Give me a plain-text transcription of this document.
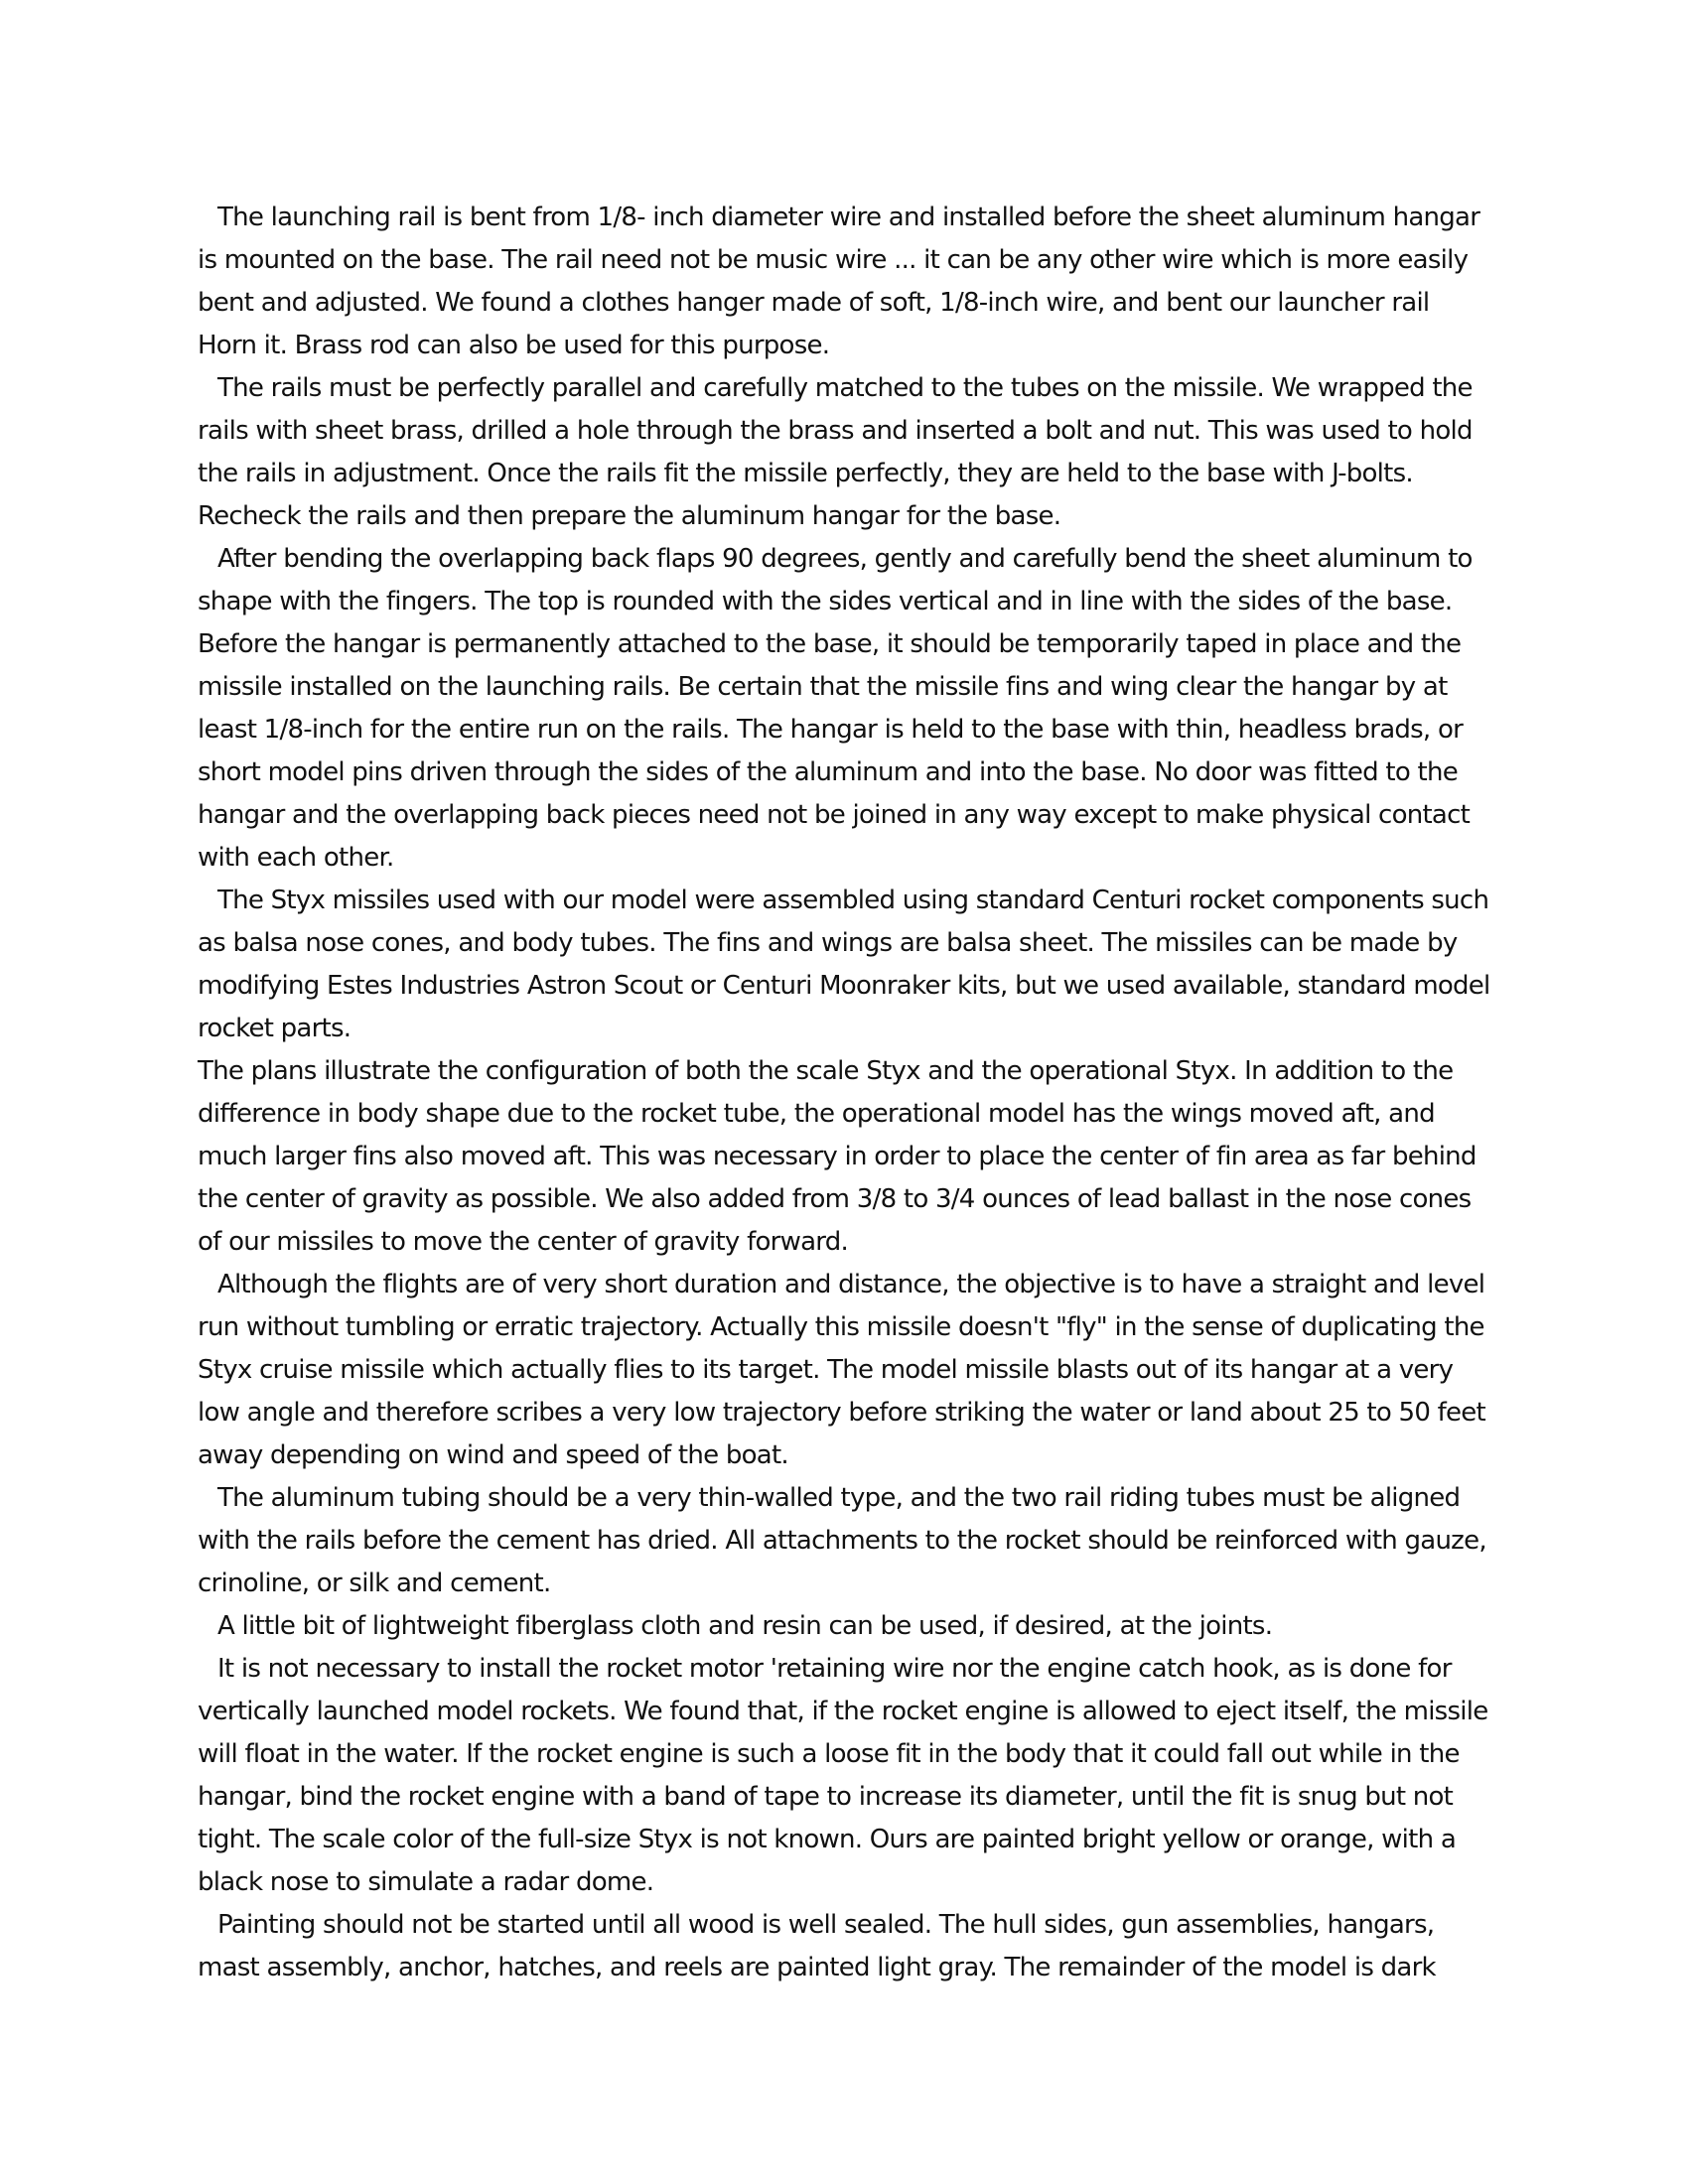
The launching rail is bent from 1/8- inch diameter wire and installed before the sheet aluminum hangar is mounted on the base. The rail need not be music wire ... it can be any other wire which is more easily bent and adjusted. We found a clothes hanger made of soft, 1/8-inch wire, and bent our launcher rail Horn it. Brass rod can also be used for this purpose.

The rails must be perfectly parallel and carefully matched to the tubes on the missile. We wrapped the rails with sheet brass, drilled a hole through the brass and inserted a bolt and nut. This was used to hold the rails in adjustment. Once the rails fit the missile perfectly, they are held to the base with J-bolts. Recheck the rails and then prepare the aluminum hangar for the base.

After bending the overlapping back flaps 90 degrees, gently and carefully bend the sheet aluminum to shape with the fingers. The top is rounded with the sides vertical and in line with the sides of the base. Before the hangar is permanently attached to the base, it should be temporarily taped in place and the missile installed on the launching rails. Be certain that the missile fins and wing clear the hangar by at least 1/8-inch for the entire run on the rails. The hangar is held to the base with thin, headless brads, or short model pins driven through the sides of the aluminum and into the base. No door was fitted to the hangar and the overlapping back pieces need not be joined in any way except to make physical contact with each other.

The Styx missiles used with our model were assembled using standard Centuri rocket components such as balsa nose cones, and body tubes. The fins and wings are balsa sheet. The missiles can be made by modifying Estes Industries Astron Scout or Centuri Moonraker kits, but we used available, standard model rocket parts.

The plans illustrate the configuration of both the scale Styx and the operational Styx. In addition to the difference in body shape due to the rocket tube, the operational model has the wings moved aft, and much larger fins also moved aft. This was necessary in order to place the center of fin area as far behind the center of gravity as possible. We also added from 3/8 to 3/4 ounces of lead ballast in the nose cones of our missiles to move the center of gravity forward.

Although the flights are of very short duration and distance, the objective is to have a straight and level run without tumbling or erratic trajectory. Actually this missile doesn't "fly" in the sense of duplicating the Styx cruise missile which actually flies to its target. The model missile blasts out of its hangar at a very low angle and therefore scribes a very low trajectory before striking the water or land about 25 to 50 feet away depending on wind and speed of the boat.

The aluminum tubing should be a very thin-walled type, and the two rail riding tubes must be aligned with the rails before the cement has dried. All attachments to the rocket should be reinforced with gauze, crinoline, or silk and cement.

A little bit of lightweight fiberglass cloth and resin can be used, if desired, at the joints.

It is not necessary to install the rocket motor 'retaining wire nor the engine catch hook, as is done for vertically launched model rockets. We found that, if the rocket engine is allowed to eject itself, the missile will float in the water. If the rocket engine is such a loose fit in the body that it could fall out while in the hangar, bind the rocket engine with a band of tape to increase its diameter, until the fit is snug but not tight. The scale color of the full-size Styx is not known. Ours are painted bright yellow or orange, with a black nose to simulate a radar dome.

Painting should not be started until all wood is well sealed. The hull sides, gun assemblies, hangars, mast assembly, anchor, hatches, and reels are painted light gray. The remainder of the model is dark
